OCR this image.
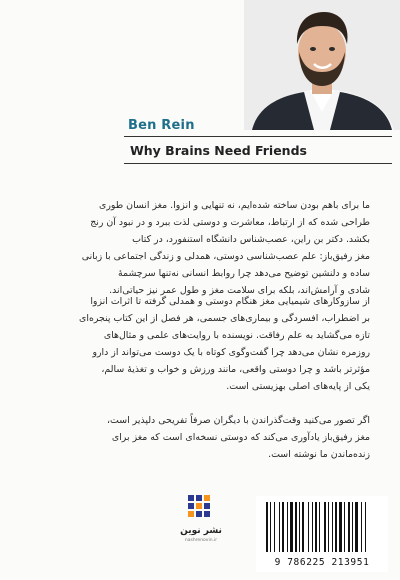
Ben Rein
Why Brains Need Friends
ما برای باهم بودن ساخته شده‌ایم، نه تنهایی و انزوا. مغز انسان طوری
طراحی شده که از ارتباط، معاشرت و دوستی لذت ببرد و در نبود آن رنج
بکشد. دکتر بن راین، عصب‌شناس دانشگاه استنفورد، در کتاب
مغز رفیق‌باز: علم عصب‌شناسی دوستی، همدلی و زندگی اجتماعی با زبانی
ساده و دلنشین توضیح می‌دهد چرا روابط انسانی نه‌تنها سرچشمهٔ
شادی و آرامش‌اند، بلکه برای سلامت مغز و طول عمر نیز حیاتی‌اند.
از سازوکارهای شیمیایی مغز هنگام دوستی و همدلی گرفته تا اثرات انزوا
بر اضطراب، افسردگی و بیماری‌های جسمی، هر فصل از این کتاب پنجره‌ای
تازه می‌گشاید به علم رفاقت. نویسنده با روایت‌های علمی و مثال‌های
روزمره نشان می‌دهد چرا گفت‌وگوی کوتاه با یک دوست می‌تواند از دارو
مؤثرتر باشد و چرا دوستی واقعی، مانند ورزش و خواب و تغذیهٔ سالم،
یکی از پایه‌های اصلی بهزیستی است.
اگر تصور می‌کنید وقت‌گذراندن با دیگران صرفاً تفریحی دلپذیر است،
مغز رفیق‌باز یادآوری می‌کند که دوستی نسخه‌ای است که مغز برای
زنده‌ماندن ما نوشته است.
نشر نوین
nashrenovin.ir
9 786225 213951
